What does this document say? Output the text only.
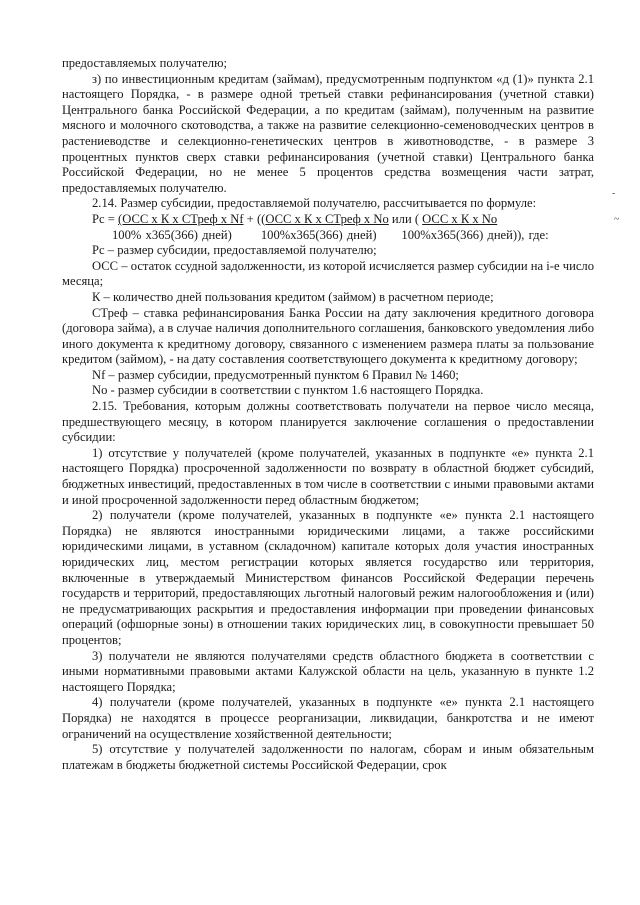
предоставляемых получателю;

з) по инвестиционным кредитам (займам), предусмотренным подпунктом «д (1)» пункта 2.1 настоящего Порядка, - в размере одной третьей ставки рефинансирования (учетной ставки) Центрального банка Российской Федерации, а по кредитам (займам), полученным на развитие мясного и молочного скотоводства, а также на развитие селекционно-семеноводческих центров в растениеводстве и селекционно-генетических центров в животноводстве, - в размере 3 процентных пунктов сверх ставки рефинансирования (учетной ставки) Центрального банка Российской Федерации, но не менее 5 процентов средства возмещения части затрат, предоставляемых получателю.

2.14. Размер субсидии, предоставляемой получателю, рассчитывается по формуле:

Рс = (ОСС х К х СТреф х Nf + ((ОСС х К х СТреф х No или ( ОСС х К х No

100% х365(366) дней)       100%х365(366) дней)      100%х365(366) дней)), где:

Рс – размер субсидии, предоставляемой получателю;

ОСС – остаток ссудной задолженности, из которой исчисляется размер субсидии на i-е число месяца;

К – количество дней пользования кредитом (займом) в расчетном периоде;

СТреф – ставка рефинансирования Банка России на дату заключения кредитного договора (договора займа), а в случае наличия дополнительного соглашения, банковского уведомления либо иного документа к кредитному договору, связанного с изменением размера платы за пользование кредитом (займом), - на дату составления соответствующего документа к кредитному договору;

Nf – размер субсидии, предусмотренный пунктом 6 Правил № 1460;

No - размер субсидии в соответствии с пунктом 1.6 настоящего Порядка.

2.15. Требования, которым должны соответствовать получатели на первое число месяца, предшествующего месяцу, в котором планируется заключение соглашения о предоставлении субсидии:

1) отсутствие у получателей (кроме получателей, указанных в подпункте «е» пункта 2.1 настоящего Порядка) просроченной задолженности по возврату в областной бюджет субсидий, бюджетных инвестиций, предоставленных в том числе в соответствии с иными правовыми актами и иной просроченной задолженности перед областным бюджетом;

2) получатели (кроме получателей, указанных в подпункте «е» пункта 2.1 настоящего Порядка) не являются иностранными юридическими лицами, а также российскими юридическими лицами, в уставном (складочном) капитале которых доля участия иностранных юридических лиц, местом регистрации которых является государство или территория, включенные в утверждаемый Министерством финансов Российской Федерации перечень государств и территорий, предоставляющих льготный налоговый режим налогообложения и (или) не предусматривающих раскрытия и предоставления информации при проведении финансовых операций (офшорные зоны) в отношении таких юридических лиц, в совокупности превышает 50 процентов;

3) получатели не являются получателями средств областного бюджета в соответствии с иными нормативными правовыми актами Калужской области на цель, указанную в пункте 1.2 настоящего Порядка;

4) получатели (кроме получателей, указанных в подпункте «е» пункта 2.1 настоящего Порядка) не находятся в процессе реорганизации, ликвидации, банкротства и не имеют ограничений на осуществление хозяйственной деятельности;

5) отсутствие у получателей задолженности по налогам, сборам и иным обязательным платежам в бюджеты бюджетной системы Российской Федерации, срок

-
~
